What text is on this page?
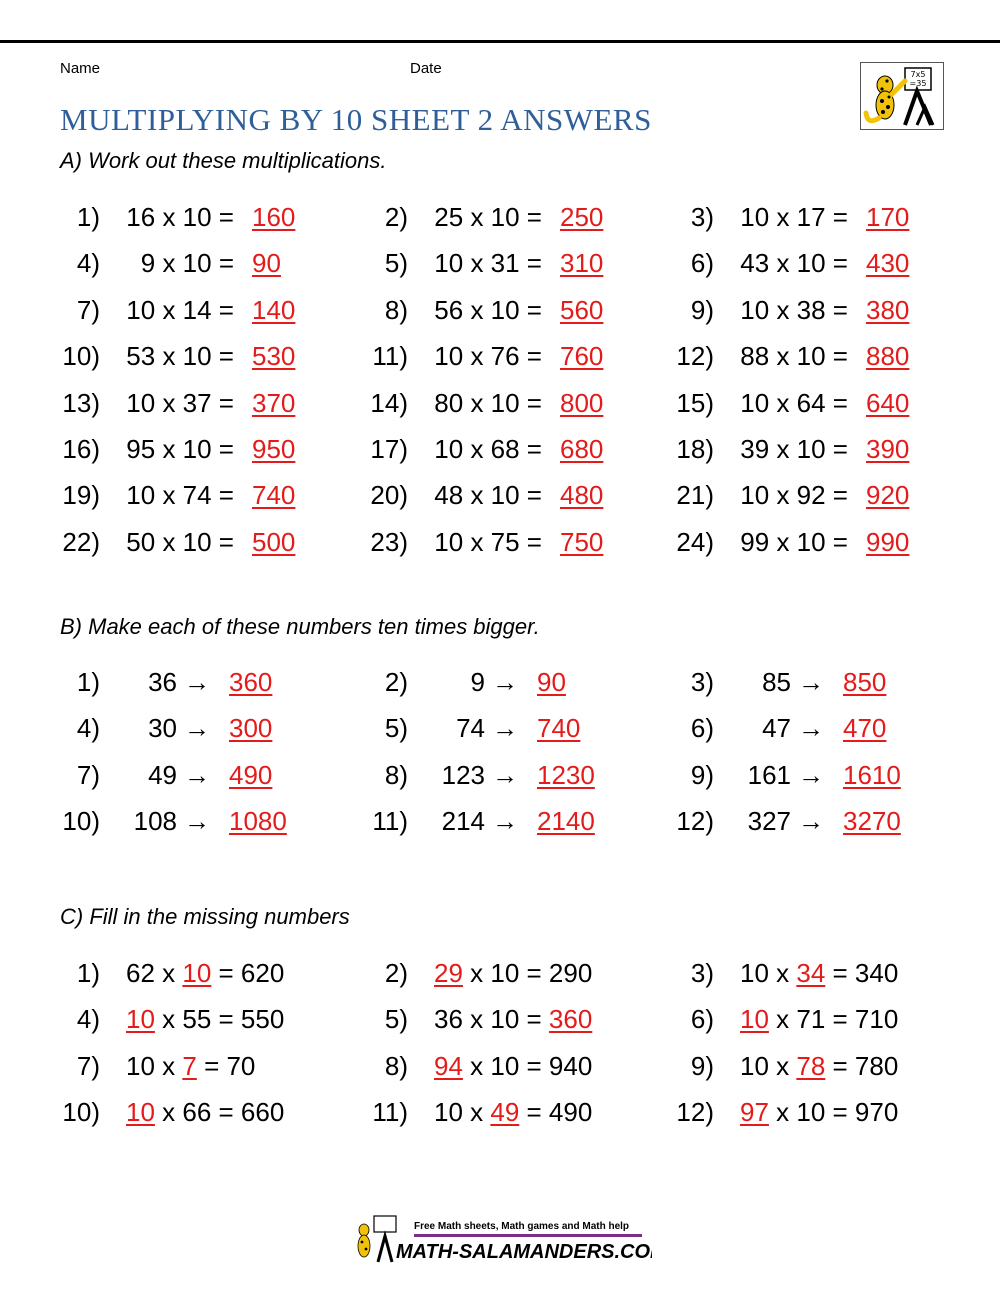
Name	Date
MULTIPLYING BY 10 SHEET 2 ANSWERS
7x5
=35
A) Work out these multiplications.
1) 16 x 10 = 160	2) 25 x 10 = 250	3) 10 x 17 = 170
4) 9 x 10 = 90	5) 10 x 31 = 310	6) 43 x 10 = 430
7) 10 x 14 = 140	8) 56 x 10 = 560	9) 10 x 38 = 380
10) 53 x 10 = 530	11) 10 x 76 = 760	12) 88 x 10 = 880
13) 10 x 37 = 370	14) 80 x 10 = 800	15) 10 x 64 = 640
16) 95 x 10 = 950	17) 10 x 68 = 680	18) 39 x 10 = 390
19) 10 x 74 = 740	20) 48 x 10 = 480	21) 10 x 92 = 920
22) 50 x 10 = 500	23) 10 x 75 = 750	24) 99 x 10 = 990
B) Make each of these numbers ten times bigger.
1) 36 → 360	2) 9 → 90	3) 85 → 850
4) 30 → 300	5) 74 → 740	6) 47 → 470
7) 49 → 490	8) 123 → 1230	9) 161 → 1610
10) 108 → 1080	11) 214 → 2140	12) 327 → 3270
C) Fill in the missing numbers
1) 62 x 10 = 620	2) 29 x 10 = 290	3) 10 x 34 = 340
4) 10 x 55 = 550	5) 36 x 10 = 360	6) 10 x 71 = 710
7) 10 x 7 = 70	8) 94 x 10 = 940	9) 10 x 78 = 780
10) 10 x 66 = 660	11) 10 x 49 = 490	12) 97 x 10 = 970
Free Math sheets, Math games and Math help
MATH-SALAMANDERS.COM
